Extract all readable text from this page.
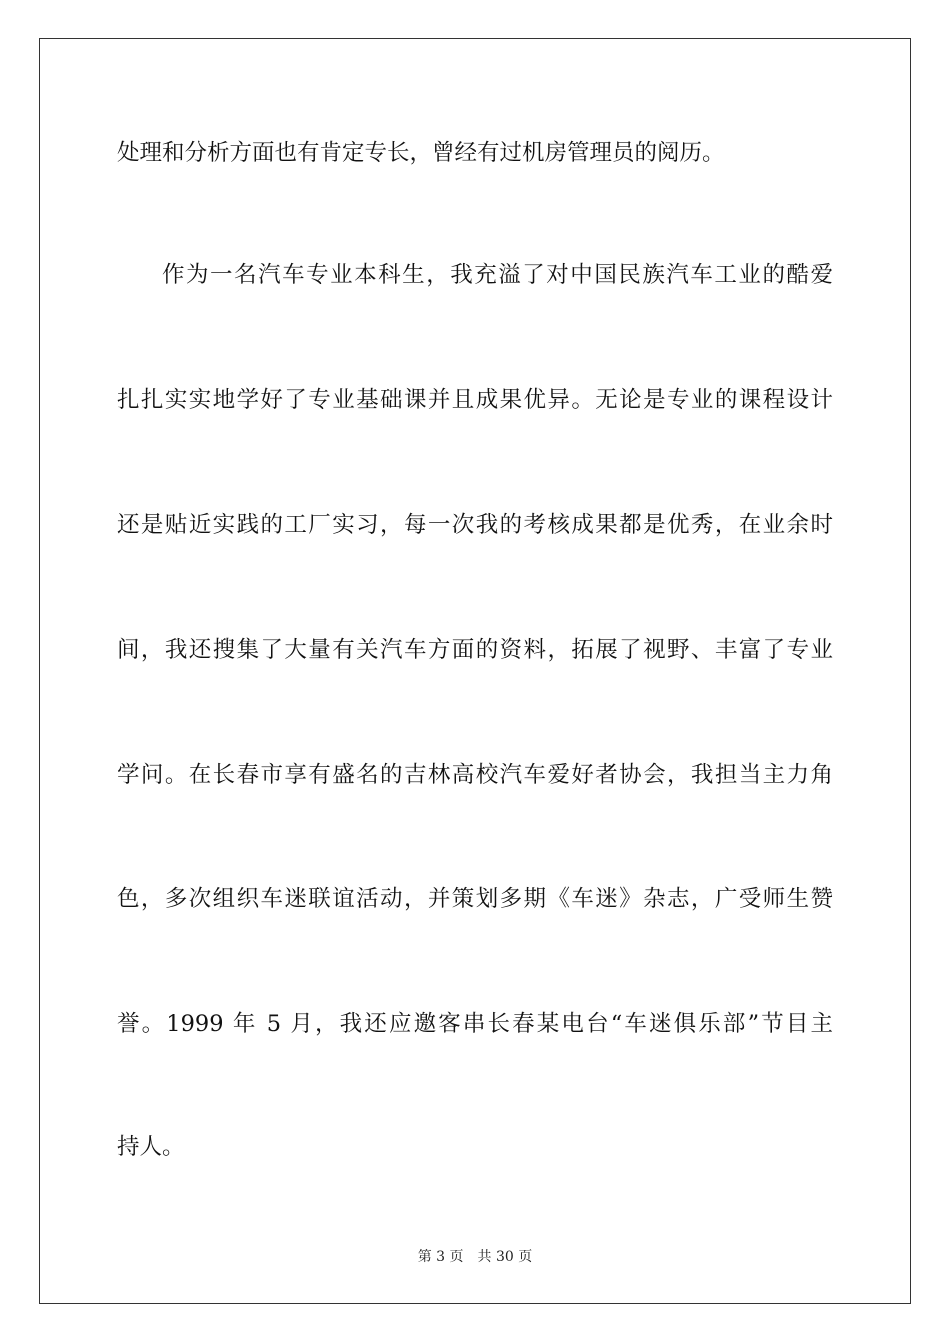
处理和分析方面也有肯定专长，曾经有过机房管理员的阅历。
作为一名汽车专业本科生，我充溢了对中国民族汽车工业的酷爱
扎扎实实地学好了专业基础课并且成果优异。无论是专业的课程设计
还是贴近实践的工厂实习，每一次我的考核成果都是优秀，在业余时
间，我还搜集了大量有关汽车方面的资料，拓展了视野、丰富了专业
学问。在长春市享有盛名的吉林高校汽车爱好者协会，我担当主力角
色，多次组织车迷联谊活动，并策划多期《车迷》杂志，广受师生赞
誉。1999 年 5 月，我还应邀客串长春某电台“车迷俱乐部”节目主
持人。
第 3 页 共 30 页
